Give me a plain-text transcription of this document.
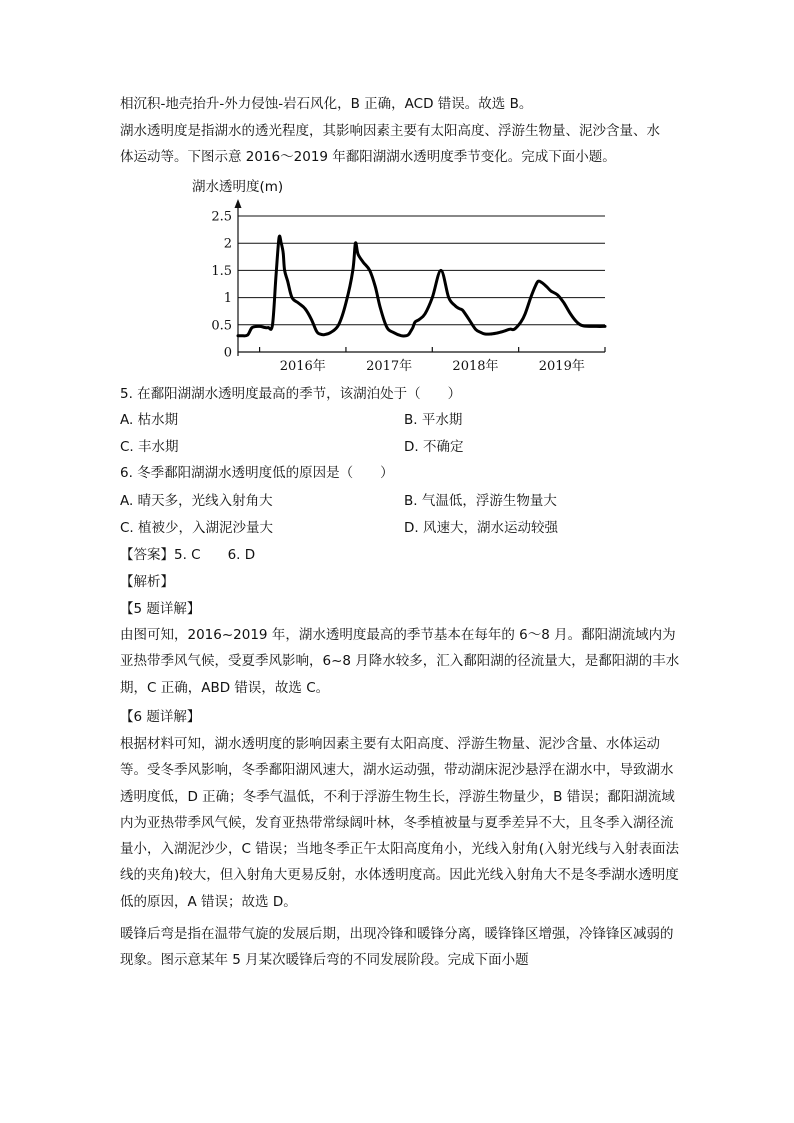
相沉积-地壳抬升-外力侵蚀-岩石风化，B 正确，ACD 错误。故选 B。
湖水透明度是指湖水的透光程度，其影响因素主要有太阳高度、浮游生物量、泥沙含量、水
体运动等。下图示意 2016～2019 年鄱阳湖湖水透明度季节变化。完成下面小题。
湖水透明度(m)
0
0.5
1
1.5
2
2.5
2016年	2017年	2018年	2019年
5. 在鄱阳湖湖水透明度最高的季节，该湖泊处于（　　）
A. 枯水期	B. 平水期
C. 丰水期	D. 不确定
6. 冬季鄱阳湖湖水透明度低的原因是（　　）
A. 晴天多，光线入射角大	B. 气温低，浮游生物量大
C. 植被少，入湖泥沙量大	D. 风速大，湖水运动较强
【答案】5. C　　6. D
【解析】
【5 题详解】
由图可知，2016~2019 年，湖水透明度最高的季节基本在每年的 6～8 月。鄱阳湖流域内为亚热带季风气候，受夏季风影响，6~8 月降水较多，汇入鄱阳湖的径流量大，是鄱阳湖的丰水期，C 正确，ABD 错误，故选 C。
【6 题详解】
根据材料可知，湖水透明度的影响因素主要有太阳高度、浮游生物量、泥沙含量、水体运动等。受冬季风影响，冬季鄱阳湖风速大，湖水运动强，带动湖床泥沙悬浮在湖水中，导致湖水透明度低，D 正确；冬季气温低，不利于浮游生物生长，浮游生物量少，B 错误；鄱阳湖流域内为亚热带季风气候，发育亚热带常绿阔叶林，冬季植被量与夏季差异不大，且冬季入湖径流量小，入湖泥沙少，C 错误；当地冬季正午太阳高度角小，光线入射角(入射光线与入射表面法线的夹角)较大，但入射角大更易反射，水体透明度高。因此光线入射角大不是冬季湖水透明度低的原因，A 错误；故选 D。
暖锋后弯是指在温带气旋的发展后期，出现冷锋和暖锋分离，暖锋锋区增强，冷锋锋区减弱的现象。图示意某年 5 月某次暖锋后弯的不同发展阶段。完成下面小题
